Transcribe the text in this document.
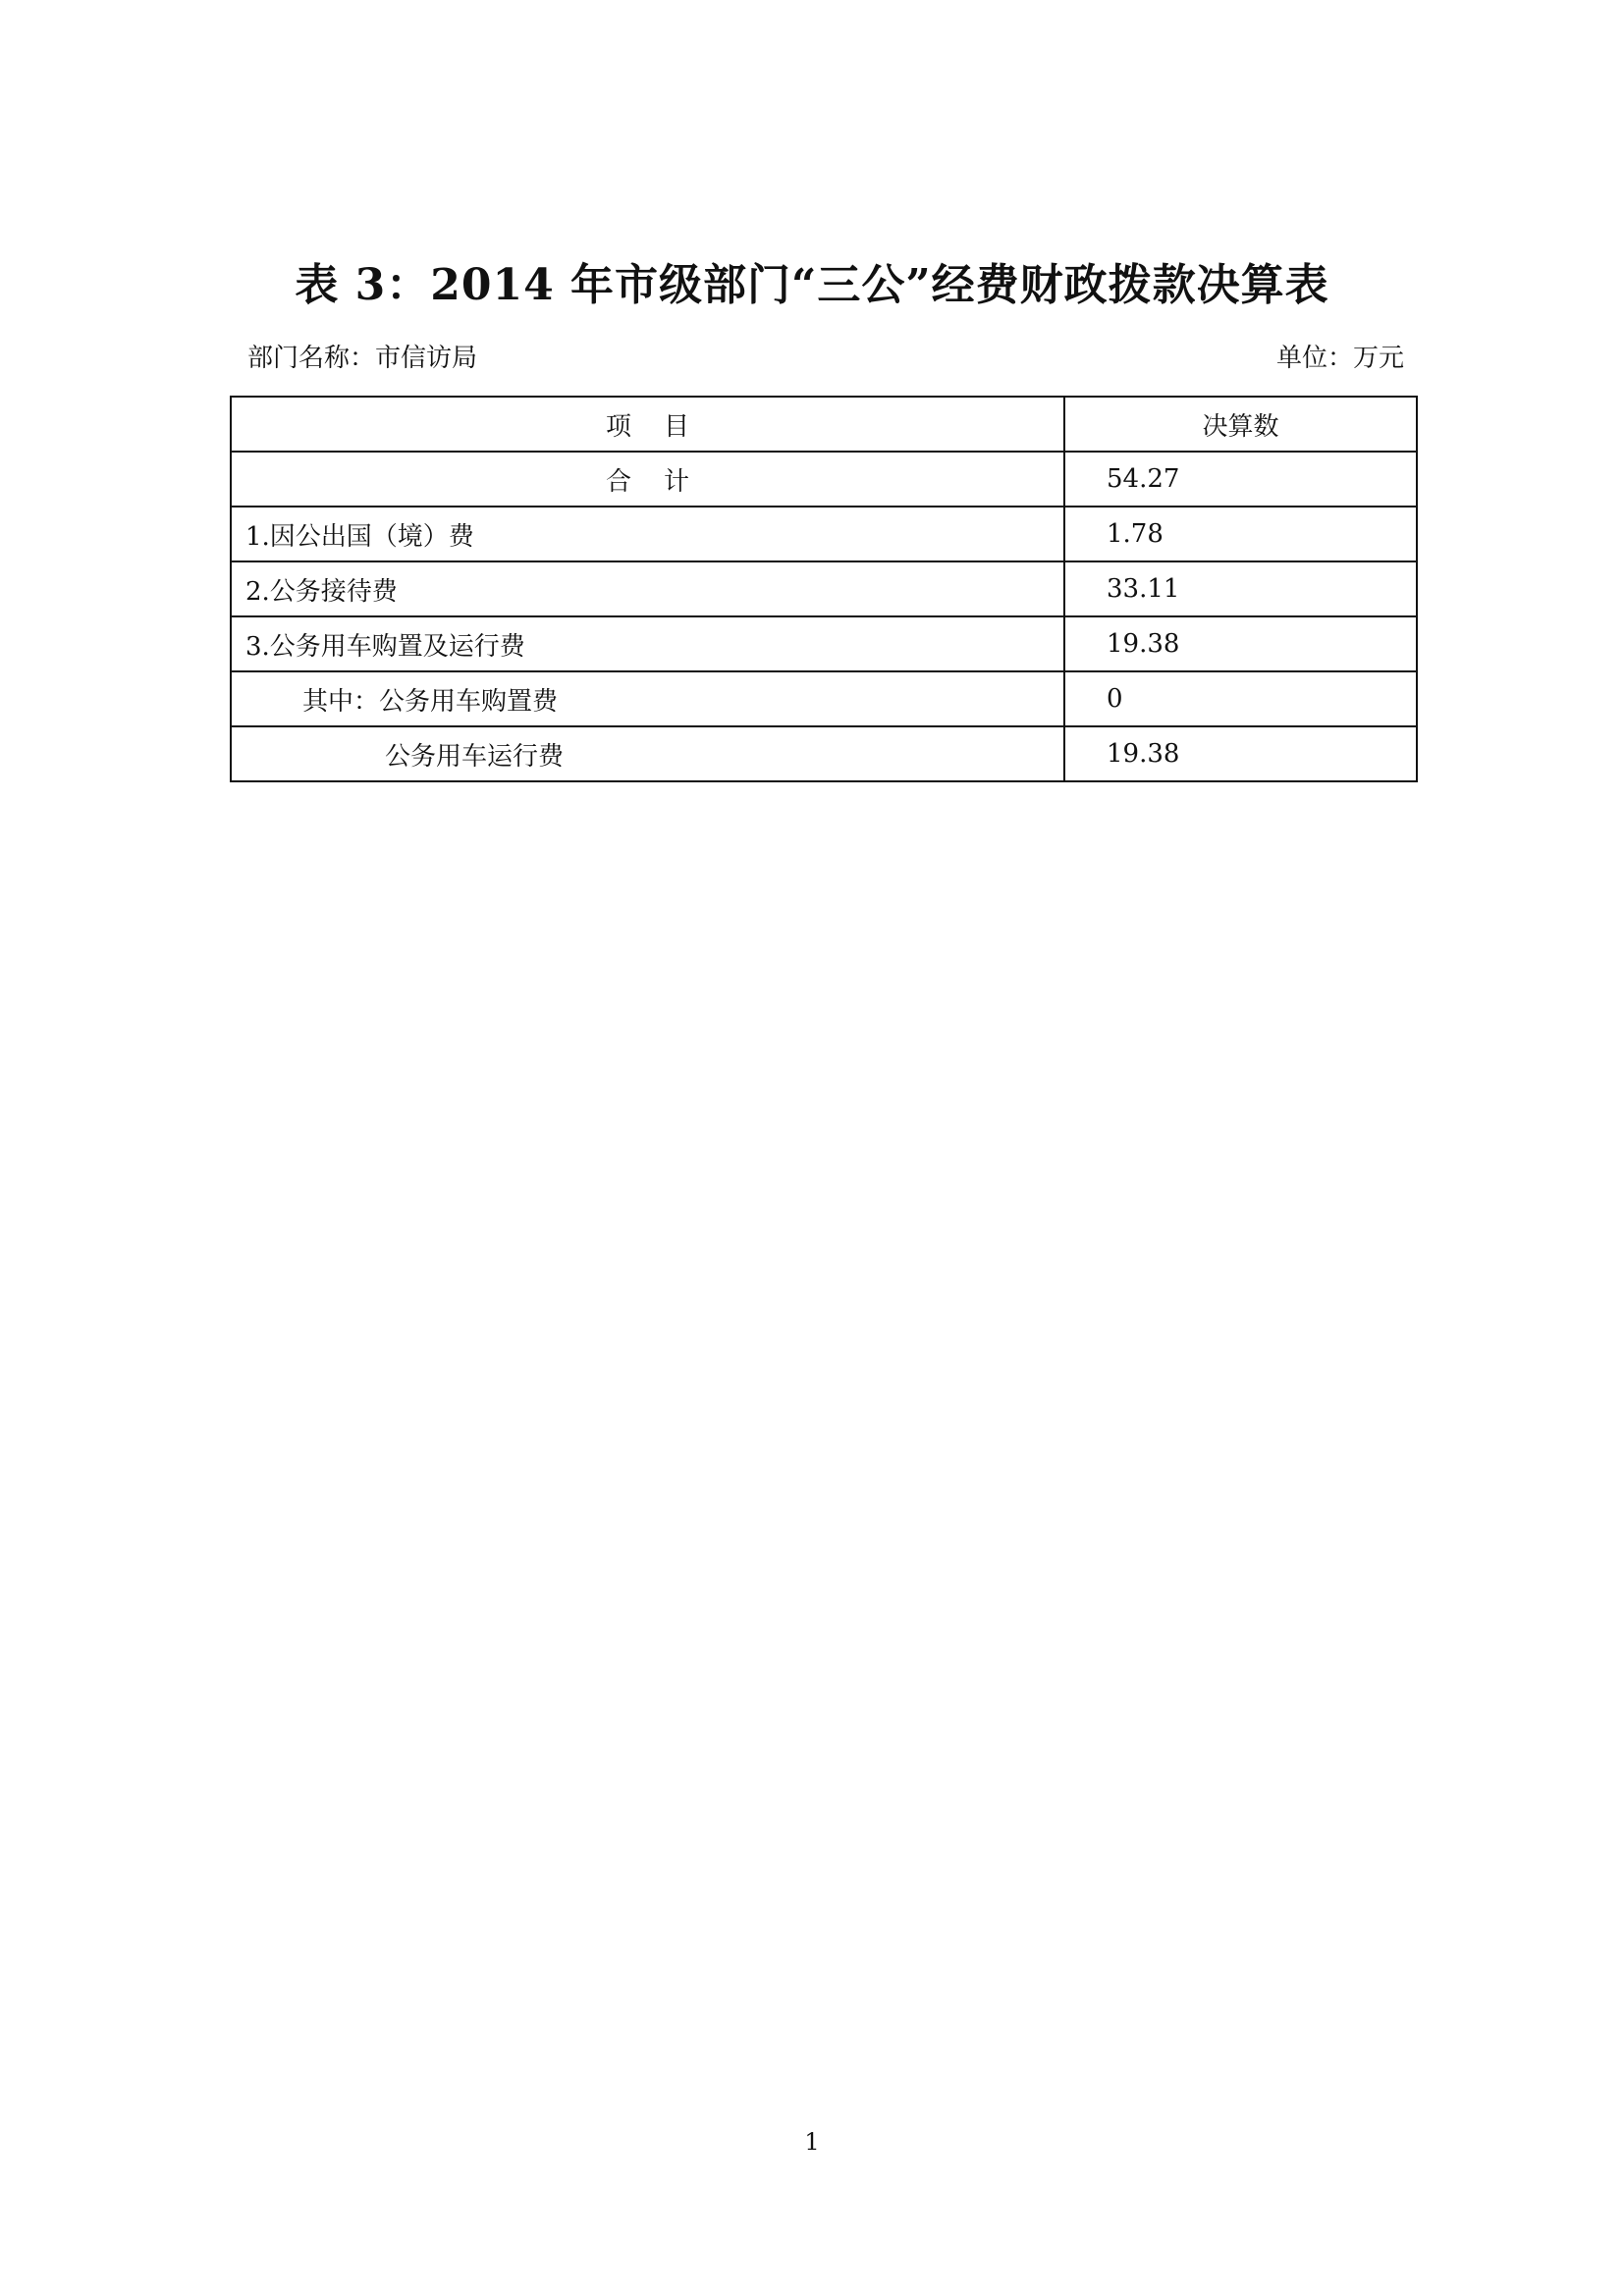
表 3：2014 年市级部门“三公”经费财政拨款决算表
部门名称：市信访局	单位：万元
项    目	决算数
合    计	54.27
1.因公出国（境）费	1.78
2.公务接待费	33.11
3.公务用车购置及运行费	19.38
其中：公务用车购置费	0
公务用车运行费	19.38
1
